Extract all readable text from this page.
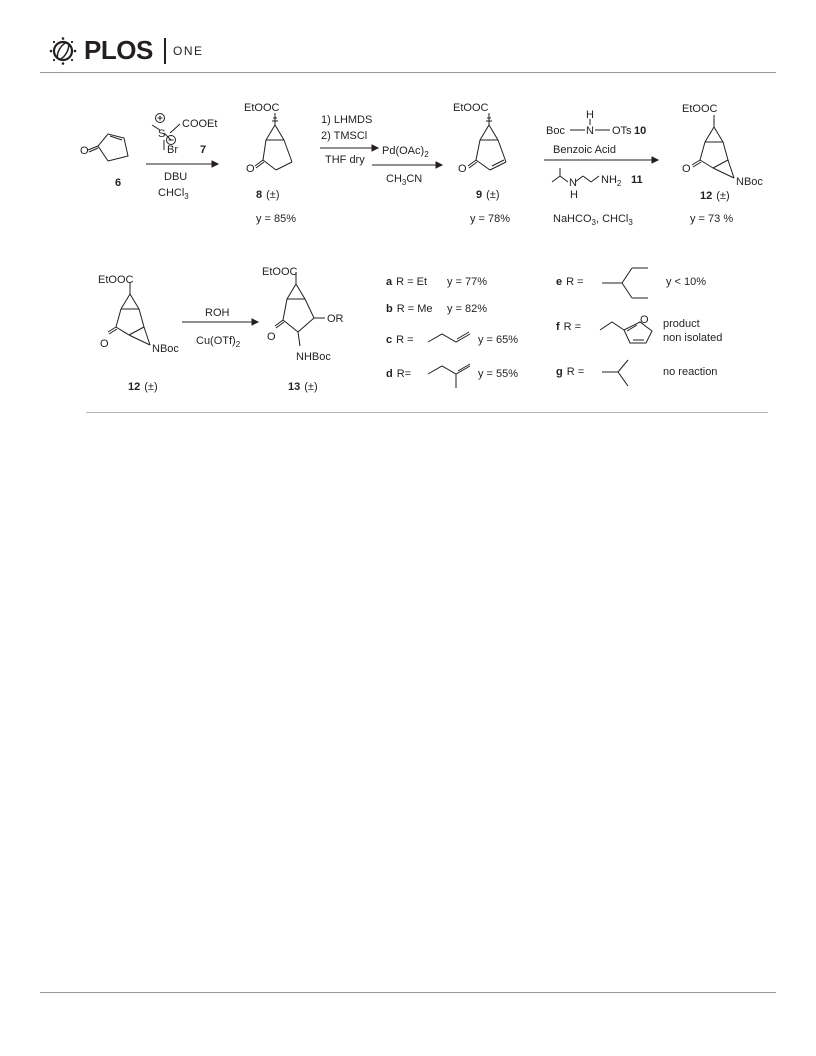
PLOS ONE
6
O
S
COOEt
Br 7
DBU
CHCl$_3$
EtOOC
O
8 (±)
y = 85%
1) LHMDS
2) TMSCl
THF dry
$Pd(OAc)_2$
$CH_3CN$
EtOOC
O
9 (±)
y = 78%
H
Boc N OTs 10
Benzoic Acid
N
H
$NH_2$ 11
NaHCO$_3$, CHCl$_3$
EtOOC
O
NBoc
12 (±)
y = 73 %
EtOOC
O	NBoc
12 (±)
ROH
$Cu(OTf)_2$
EtOOC
O
OR
NHBoc
13 (±)
a R = Et y = 77%
b R = Me y = 82%
c R =	y = 65%
d R=	y = 55%
e R =	y < 10%
f R =	product
non isolated
g R =	no reaction
O
